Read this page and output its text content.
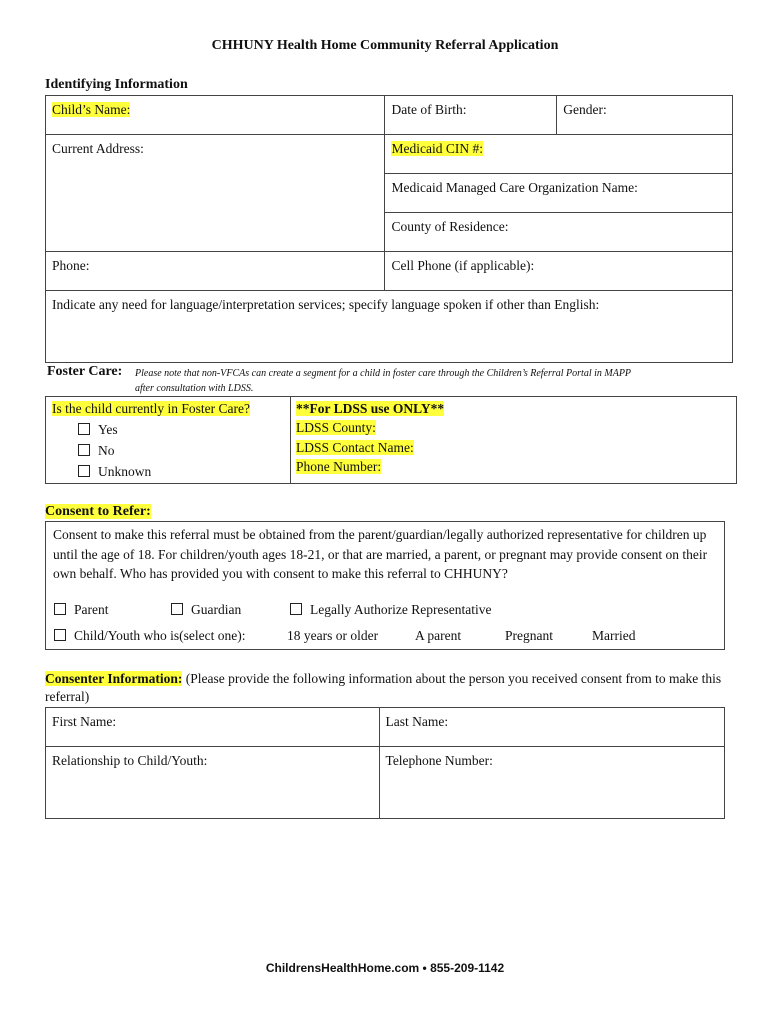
CHHUNY Health Home Community Referral Application
Identifying Information
Child’s Name:	Date of Birth:	Gender:
Current Address:	Medicaid CIN #:	
	Medicaid Managed Care Organization Name:	
	County of Residence:	
Phone:	Cell Phone (if applicable):	
Indicate any need for language/interpretation services; specify language spoken if other than English:		
Foster Care: Please note that non-VFCAs can create a segment for a child in foster care through the Children’s Referral Portal in MAPP
after consultation with LDSS.
Is the child currently in Foster Care?
Yes
No
Unknown
**For LDSS use ONLY**
LDSS County:
LDSS Contact Name:
Phone Number:
Consent to Refer:
Consent to make this referral must be obtained from the parent/guardian/legally authorized representative for children up until the age of 18. For children/youth ages 18-21, or that are married, a parent, or pregnant may provide consent on their own behalf. Who has provided you with consent to make this referral to CHHUNY?
Parent	Guardian	Legally Authorize Representative
Child/Youth who is(select one):	18 years or older	A parent	Pregnant	Married
Consenter Information: (Please provide the following information about the person you received consent from to make this referral)
First Name:	Last Name:
Relationship to Child/Youth:	Telephone Number:
ChildrensHealthHome.com • 855-209-1142
